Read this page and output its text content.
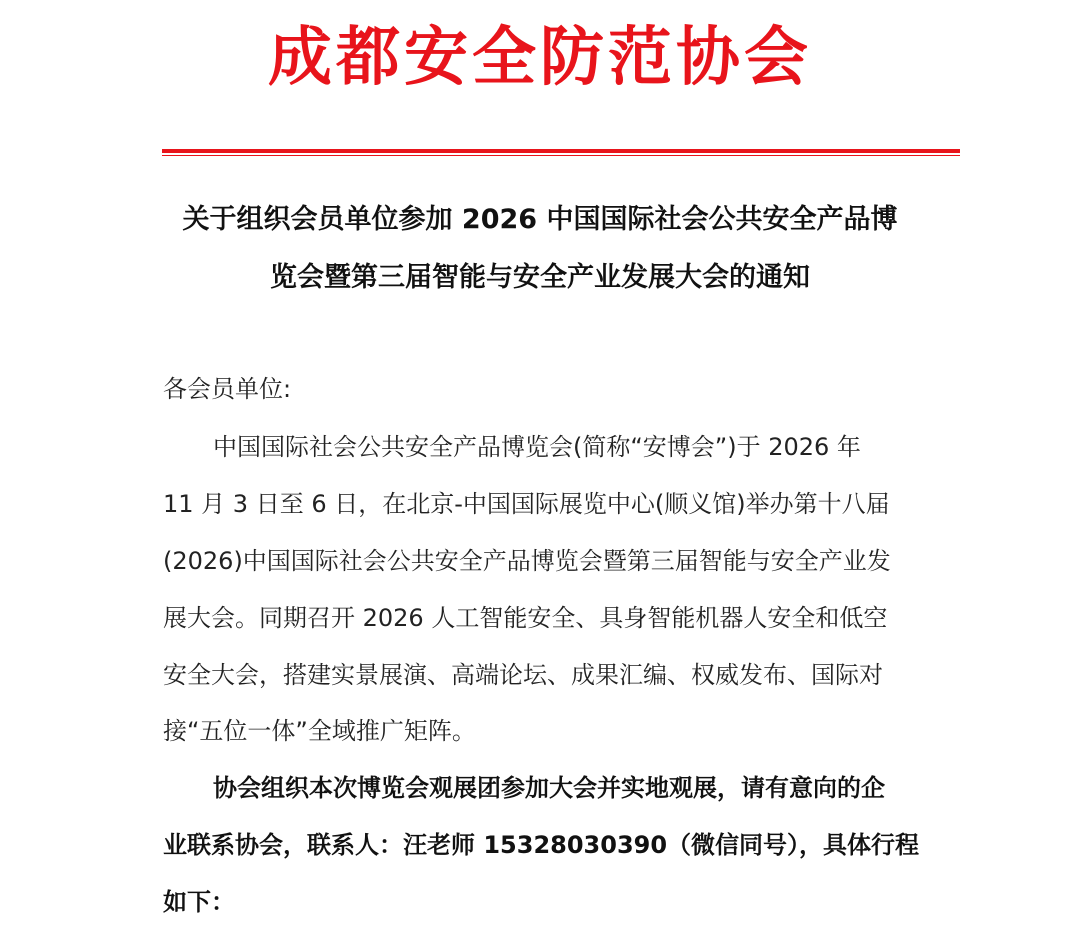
成都安全防范协会
关于组织会员单位参加 2026 中国国际社会公共安全产品博
览会暨第三届智能与安全产业发展大会的通知
各会员单位:
中国国际社会公共安全产品博览会(简称“安博会”)于 2026 年
11 月 3 日至 6 日，在北京-中国国际展览中心(顺义馆)举办第十八届
(2026)中国国际社会公共安全产品博览会暨第三届智能与安全产业发
展大会。同期召开 2026 人工智能安全、具身智能机器人安全和低空
安全大会，搭建实景展演、高端论坛、成果汇编、权威发布、国际对
接“五位一体”全域推广矩阵。
协会组织本次博览会观展团参加大会并实地观展，请有意向的企
业联系协会，联系人：汪老师 15328030390（微信同号），具体行程
如下：
